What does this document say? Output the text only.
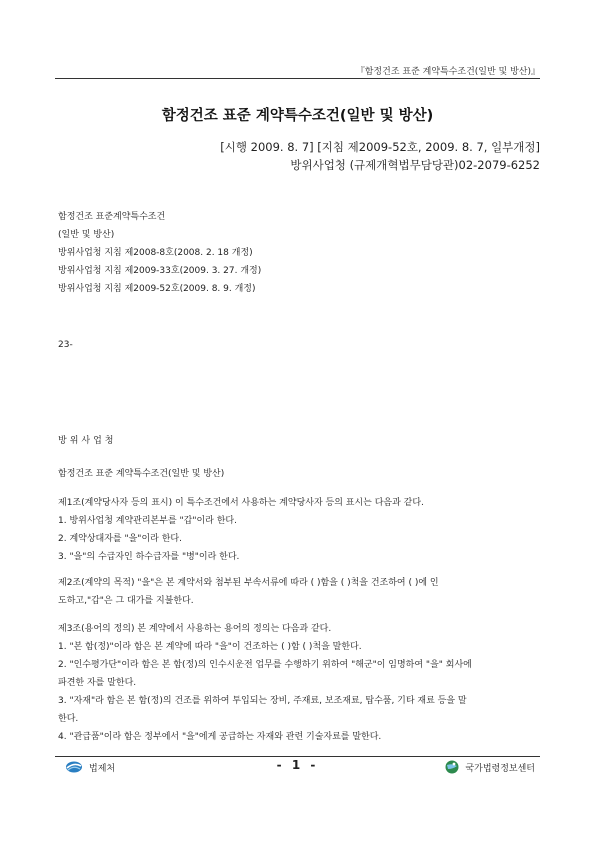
『함정건조 표준 계약특수조건(일반 및 방산)』
함정건조 표준 계약특수조건(일반 및 방산)
[시행 2009. 8. 7] [지침 제2009-52호, 2009. 8. 7, 일부개정]
방위사업청 (규제개혁법무담당관)02-2079-6252
함정건조 표준계약특수조건
(일반 및 방산)
방위사업청 지침 제2008-8호(2008. 2. 18 개정)
방위사업청 지침 제2009-33호(2009. 3. 27. 개정)
방위사업청 지침 제2009-52호(2009. 8. 9. 개정)
23-
방위사업청
함정건조 표준 계약특수조건(일반 및 방산)

제1조(계약당사자 등의 표시) 이 특수조건에서 사용하는 계약당사자 등의 표시는 다음과 같다.

1. 방위사업청 계약관리본부를 "갑"이라 한다.

2. 계약상대자를 "을"이라 한다.

3. "을"의 수급자인 하수급자를 "병"이라 한다.

제2조(계약의 목적) "을"은 본 계약서와 첨부된 부속서류에 따라 ( )함을 ( )척을 건조하여 ( )에 인

도하고,"갑"은 그 대가를 지불한다.

제3조(용어의 정의) 본 계약에서 사용하는 용어의 정의는 다음과 같다.

1. "본 함(정)"이라 함은 본 계약에 따라 "을"이 건조하는 ( )함 ( )척을 말한다.

2. "인수평가단"이라 함은 본 함(정)의 인수시운전 업무를 수행하기 위하여 "해군"이 임명하여 "을" 회사에

파견한 자를 말한다.

3. "자재"라 함은 본 함(정)의 건조를 위하여 투입되는 장비, 주재료, 보조재료, 탑수품, 기타 재료 등을 말

한다.

4. "관급품"이라 함은 정부에서 "을"에게 공급하는 자재와 관련 기술자료를 말한다.

법제처	- 1 -	국가법령정보센터
